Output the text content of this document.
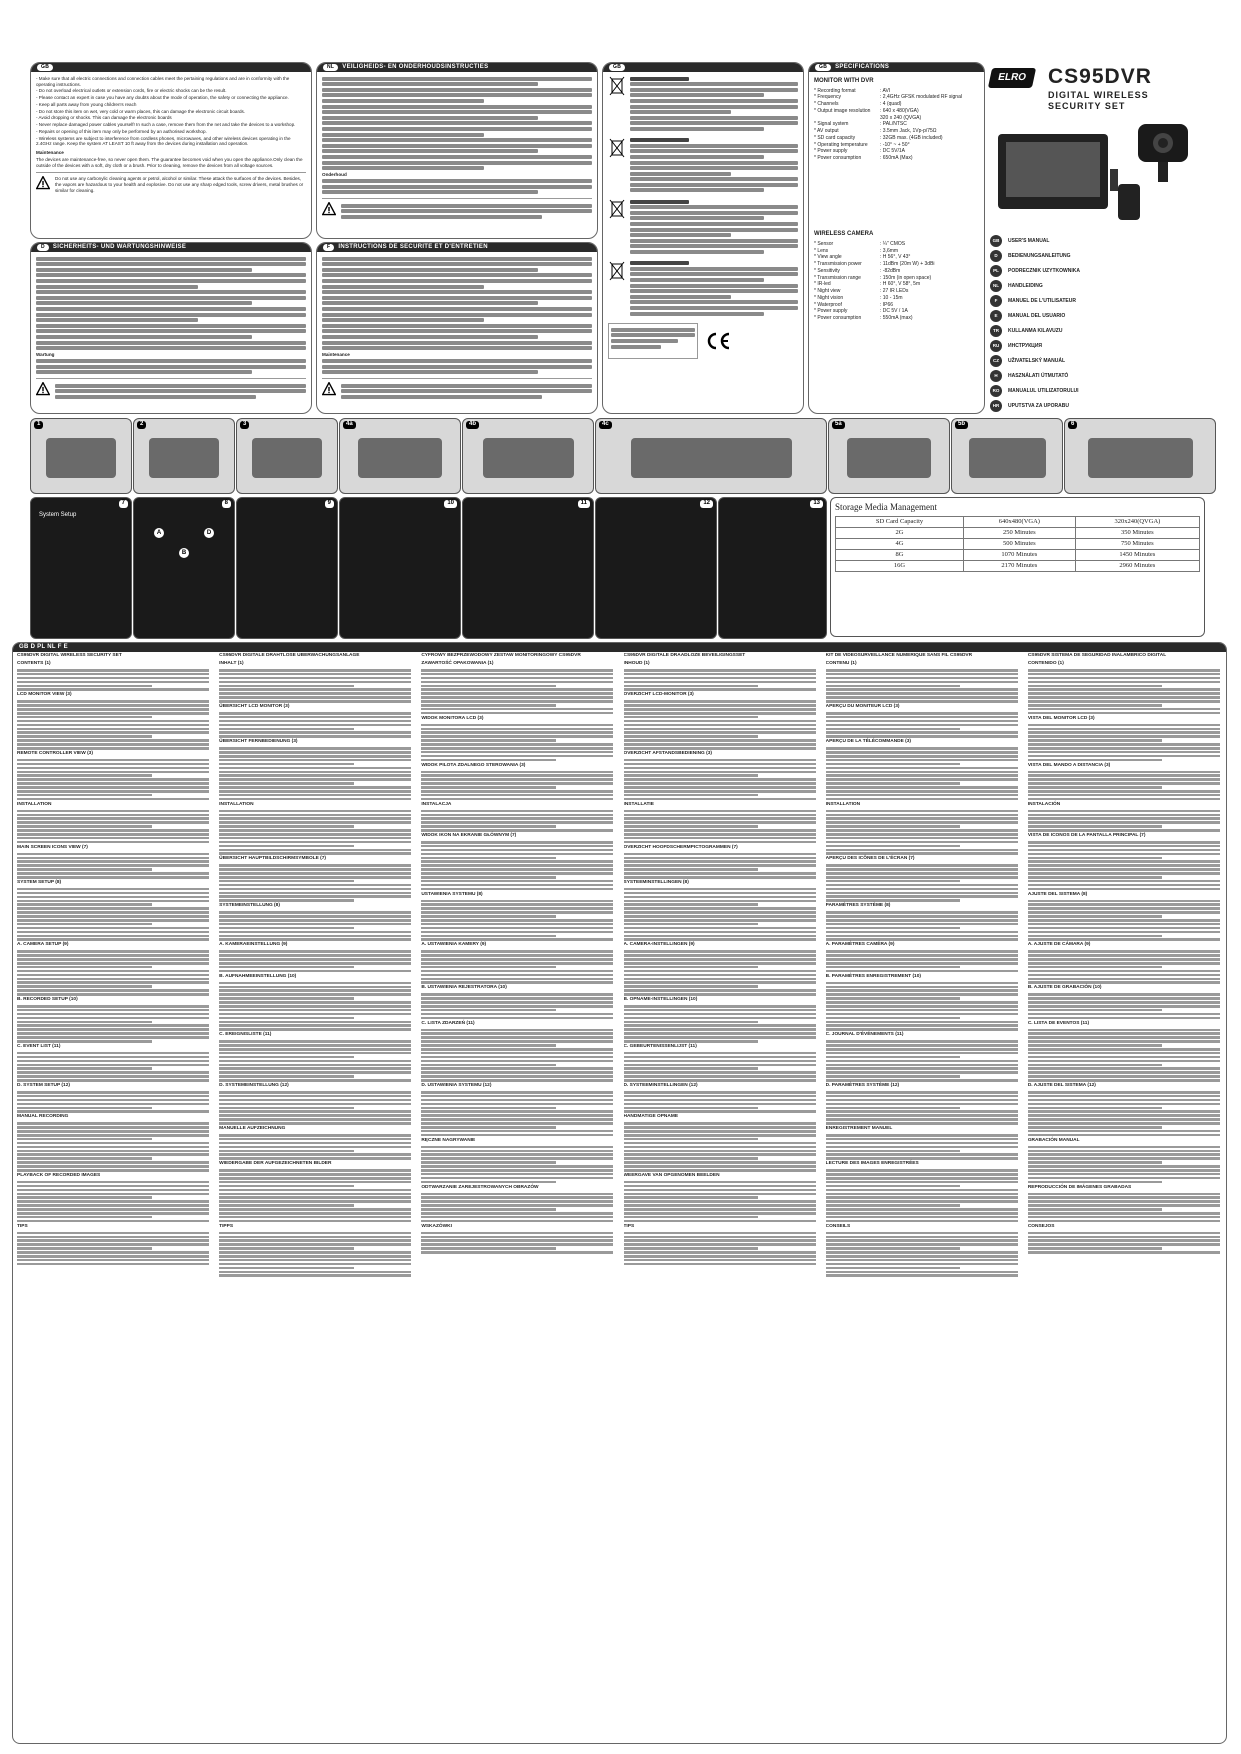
GB
- Make sure that all electric connections and connection cables meet the pertaining regulations and are in conformity with the operating instructions.
- Do not overload electrical outlets or extension cords, fire or electric shocks can be the result.
- Please contact an expert in case you have any doubts about the mode of operation, the safety or connecting the appliance.
- Keep all parts away from young children's reach
- Do not store this item on wet, very cold or warm places, this can damage the electronic circuit boards.
- Avoid dropping or shocks. This can damage the electronic boards
- Never replace damaged power cables yourself! In such a case, remove them from the net and take the devices to a workshop.
- Repairs or opening of this item may only be performed by an authorised workshop.
- Wireless systems are subject to interference from cordless phones, microwaves, and other wireless devices operating in the 2.4GHz range. Keep the system AT LEAST 10 ft away from the devices during installation and operation.
Maintenance
The devices are maintenance-free, so never open them. The guarantee becomes void when you open the appliance.Only clean the outside of the devices with a soft, dry cloth or a brush. Prior to cleaning, remove the devices from all voltage sources.
Do not use any carbonylic cleaning agents or petrol, alcohol or similar. These attack the surfaces of the devices. Besides, the vapors are hazardous to your health and explosive. Do not use any sharp edged tools, screw drivers, metal brushes or similar for cleaning.
NL VEILIGHEIDS- EN ONDERHOUDSINSTRUCTIES
Onderhoud
D SICHERHEITS- UND WARTUNGSHINWEISE
Wartung
F INSTRUCTIONS DE SECURITE ET D'ENTRETIEN
Maintenance
GB	GB SPECIFICATIONS
MONITOR WITH DVR
* Recording format	: AVI
* Frequency	: 2,4GHz GFSK modulated RF signal
* Channels	: 4 (quad)
* Output image resolution	: 640 x 480(VGA)
320 x 240 (QVGA)
* Signal system	: PAL/NTSC
* AV output	: 3.5mm Jack, 1Vp-p/75Ω
* SD card capacity	: 32GB max. (4GB included)
* Operating temperature	: -10° ~ + 50°
* Power supply	: DC 5V/1A
* Power consumption	: 650mA (Max)
WIRELESS CAMERA
* Sensor	: ¼" CMOS
* Lens	: 3,6mm
* View angle	: H 56°, V 43°
* Transmission power	: 11dBm (20m W) + 3dBi
* Sensitivity	: -82dBm
* Transmission range	: 150m (in open space)
* IR-led	: H 60°, V 58°, 5m
* Night view	: 27 IR LEDs
* Night vision	: 10 - 15m
* Waterproof	: IP66
* Power supply	: DC 5V / 1A
* Power consumption	: 550mA (max)
ELRO CS95DVR
DIGITAL WIRELESS
SECURITY SET
GB	USER'S MANUAL
D	BEDIENUNGSANLEITUNG
PL	PODRECZNIK UZYTKOWNIKA
NL	HANDLEIDING
F	MANUEL DE L'UTILISATEUR
E	MANUAL DEL USUARIO
TR	KULLANMA KILAVUZU
RU	ИНСТРУКЦИЯ
CZ	UŽIVATELSKÝ MANUÁL
H	HASZNÁLATI ÚTMUTATÓ
RO	MANUALUL UTILIZATORULUI
HR	UPUTSTVA ZA UPORABU
1	2	3	4a	4b	4c	5a	5b	6
7
System Setup
8
A
B
D
9	10	11	12	13	Storage Media Management
SD Card Capacity	640x480(VGA)	320x240(QVGA)
2G	250 Minutes	350 Minutes
4G	500 Minutes	750 Minutes
8G	1070 Minutes	1450 Minutes
16G	2170 Minutes	2960 Minutes
GB D PL NL F E
CS95DVR DIGITAL WIRELESS SECURITY SET
CONTENTS (1)
LCD MONITOR VIEW (3)
REMOTE CONTROLLER VIEW (3)
INSTALLATION
MAIN SCREEN ICONS VIEW (7)
SYSTEM SETUP (8)
A. CAMERA SETUP (9)
B. RECORDED SETUP (10)
C. EVENT LIST (11)
D. SYSTEM SETUP (12)
MANUAL RECORDING
PLAYBACK OF RECORDED IMAGES
TIPS
CS95DVR DIGITALE DRAHTLOSE ÜBERWACHUNGSANLAGE
INHALT (1)
ÜBERSICHT LCD MONITOR (3)
ÜBERSICHT FERNBEDIENUNG (3)
INSTALLATION
ÜBERSICHT HAUPTBILDSCHIRMSYMBOLE (7)
SYSTEMEINSTELLUNG (8)
A. KAMERAEINSTELLUNG (9)
B. AUFNAHMEEINSTELLUNG (10)
C. EREIGNISLISTE (11)
D. SYSTEMEINSTELLUNG (12)
MANUELLE AUFZEICHNUNG
WIEDERGABE DER AUFGEZEICHNETEN BILDER
TIPPS
CYFROWY BEZPRZEWODOWY ZESTAW MONITORINGOWY CS95DVR
ZAWARTOŚĆ OPAKOWANIA (1)
WIDOK MONITORA LCD (3)
WIDOK PILOTA ZDALNEGO STEROWANIA (3)
INSTALACJA
WIDOK IKON NA EKRANIE GŁÓWNYM (7)
USTAWIENIA SYSTEMU (8)
A. USTAWIENIA KAMERY (9)
B. USTAWIENIA REJESTRATORA (10)
C. LISTA ZDARZEŃ (11)
D. USTAWIENIA SYSTEMU (12)
RĘCZNE NAGRYWANIE
ODTWARZANIE ZAREJESTROWANYCH OBRAZÓW
WSKAZÓWKI
CS95DVR DIGITALE DRAADLOZE BEVEILIGINGSSET
INHOUD (1)
OVERZICHT LCD-MONITOR (3)
OVERZICHT AFSTANDSBEDIENING (3)
INSTALLATIE
OVERZICHT HOOFDSCHERMPICTOGRAMMEN (7)
SYSTEEMINSTELLINGEN (8)
A. CAMERA-INSTELLINGEN (9)
B. OPNAME-INSTELLINGEN (10)
C. GEBEURTENISSENLIJST (11)
D. SYSTEEMINSTELLINGEN (12)
HANDMATIGE OPNAME
WEERGAVE VAN OPGENOMEN BEELDEN
TIPS
KIT DE VIDÉOSURVEILLANCE NUMÉRIQUE SANS FIL CS95DVR
CONTENU (1)
APERÇU DU MONITEUR LCD (3)
APERÇU DE LA TÉLÉCOMMANDE (3)
INSTALLATION
APERÇU DES ICÔNES DE L'ÉCRAN (7)
PARAMÈTRES SYSTÈME (8)
A. PARAMÈTRES CAMÉRA (9)
B. PARAMÈTRES ENREGISTREMENT (10)
C. JOURNAL D'ÉVÉNEMENTS (11)
D. PARAMÈTRES SYSTÈME (12)
ENREGISTREMENT MANUEL
LECTURE DES IMAGES ENREGISTRÉES
CONSEILS
CS95DVR SISTEMA DE SEGURIDAD INALÁMBRICO DIGITAL
CONTENIDO (1)
VISTA DEL MONITOR LCD (3)
VISTA DEL MANDO A DISTANCIA (3)
INSTALACIÓN
VISTA DE ICONOS DE LA PANTALLA PRINCIPAL (7)
AJUSTE DEL SISTEMA (8)
A. AJUSTE DE CÁMARA (9)
B. AJUSTE DE GRABACIÓN (10)
C. LISTA DE EVENTOS (11)
D. AJUSTE DEL SISTEMA (12)
GRABACIÓN MANUAL
REPRODUCCIÓN DE IMÁGENES GRABADAS
CONSEJOS
